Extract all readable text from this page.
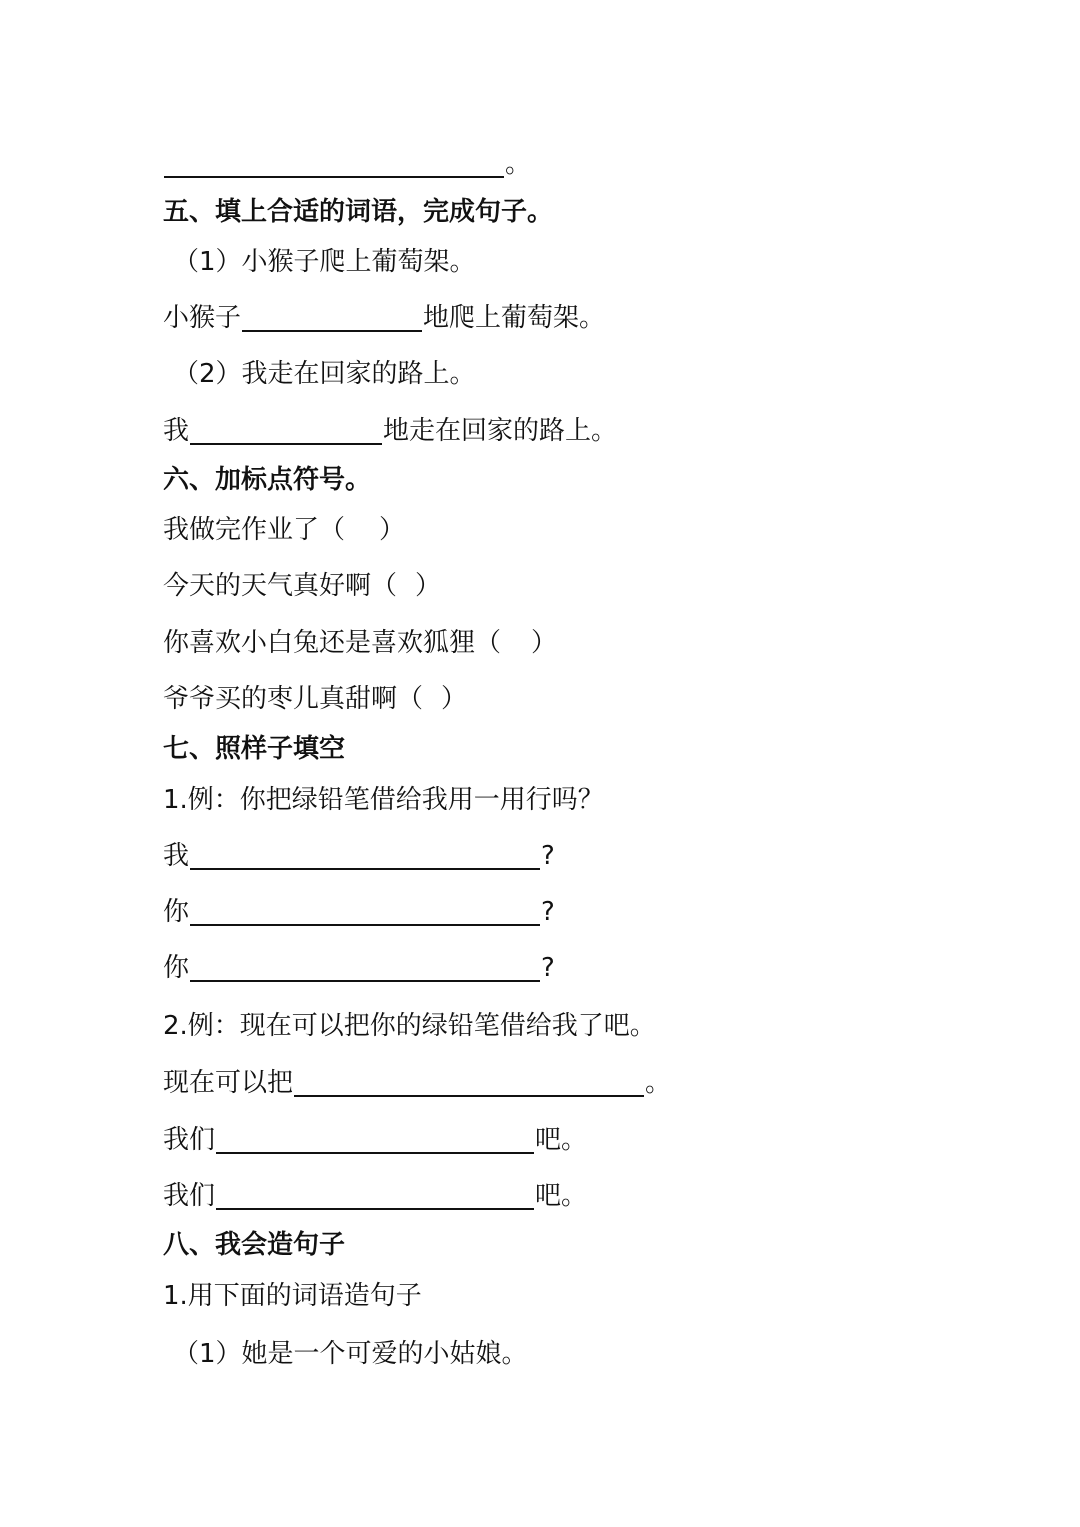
。
五、填上合适的词语，完成句子。
（1）小猴子爬上葡萄架。
小猴子	地爬上葡萄架。
（2）我走在回家的路上。
我	地走在回家的路上。
六、加标点符号。
我做完作业了 （ ）
今天的天气真好啊 （ ）
你喜欢小白兔还是喜欢狐狸 （ ）
爷爷买的枣儿真甜啊 （ ）
七、照样子填空
1.例：你把绿铅笔借给我用一用行吗？
我	?
你	?
你	?
2.例：现在可以把你的绿铅笔借给我了吧。
现在可以把	。
我们	吧。
我们	吧。
八、我会造句子
1.用下面的词语造句子
（1）她是一个可爱的小姑娘。
